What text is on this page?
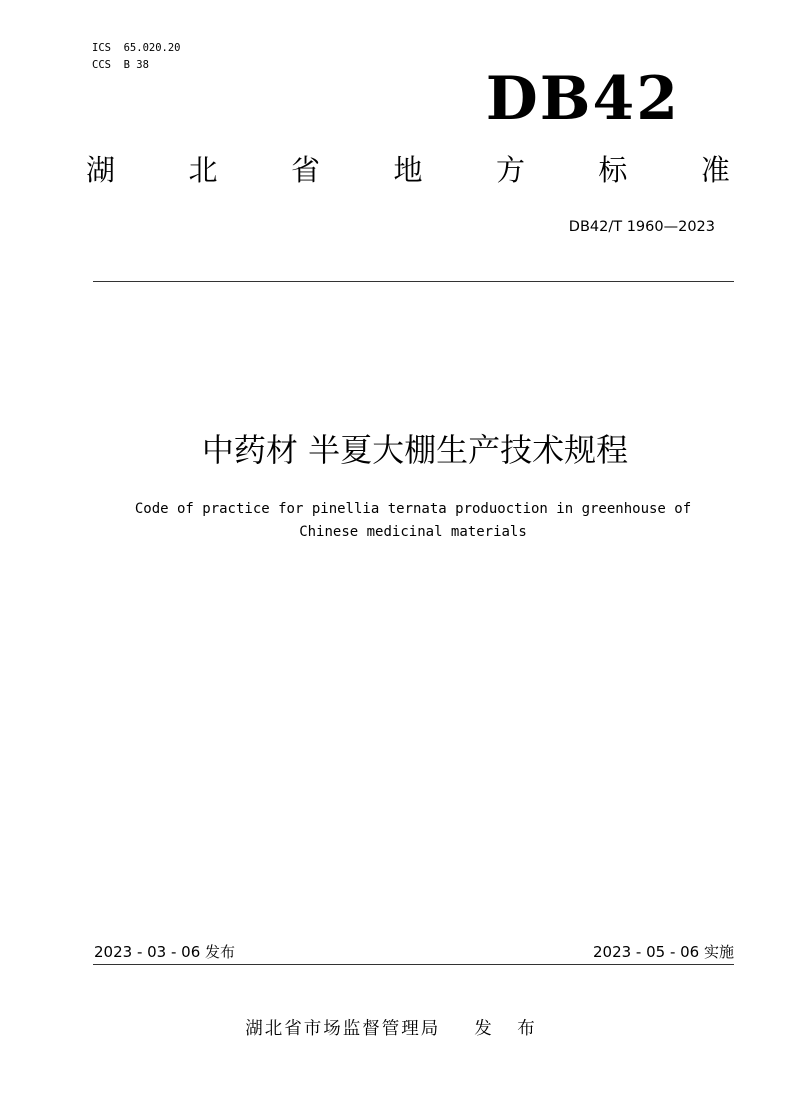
ICS  65.020.20
CCS  B 38	DB42
湖	北	省	地	方	标	准
DB42/T 1960—2023
中药材 半夏大棚生产技术规程
Code of practice for pinellia ternata produoction in greenhouse of
Chinese medicinal materials
2023 - 03 - 06 发布	2023 - 05 - 06 实施
湖北省市场监督管理局 发 布
